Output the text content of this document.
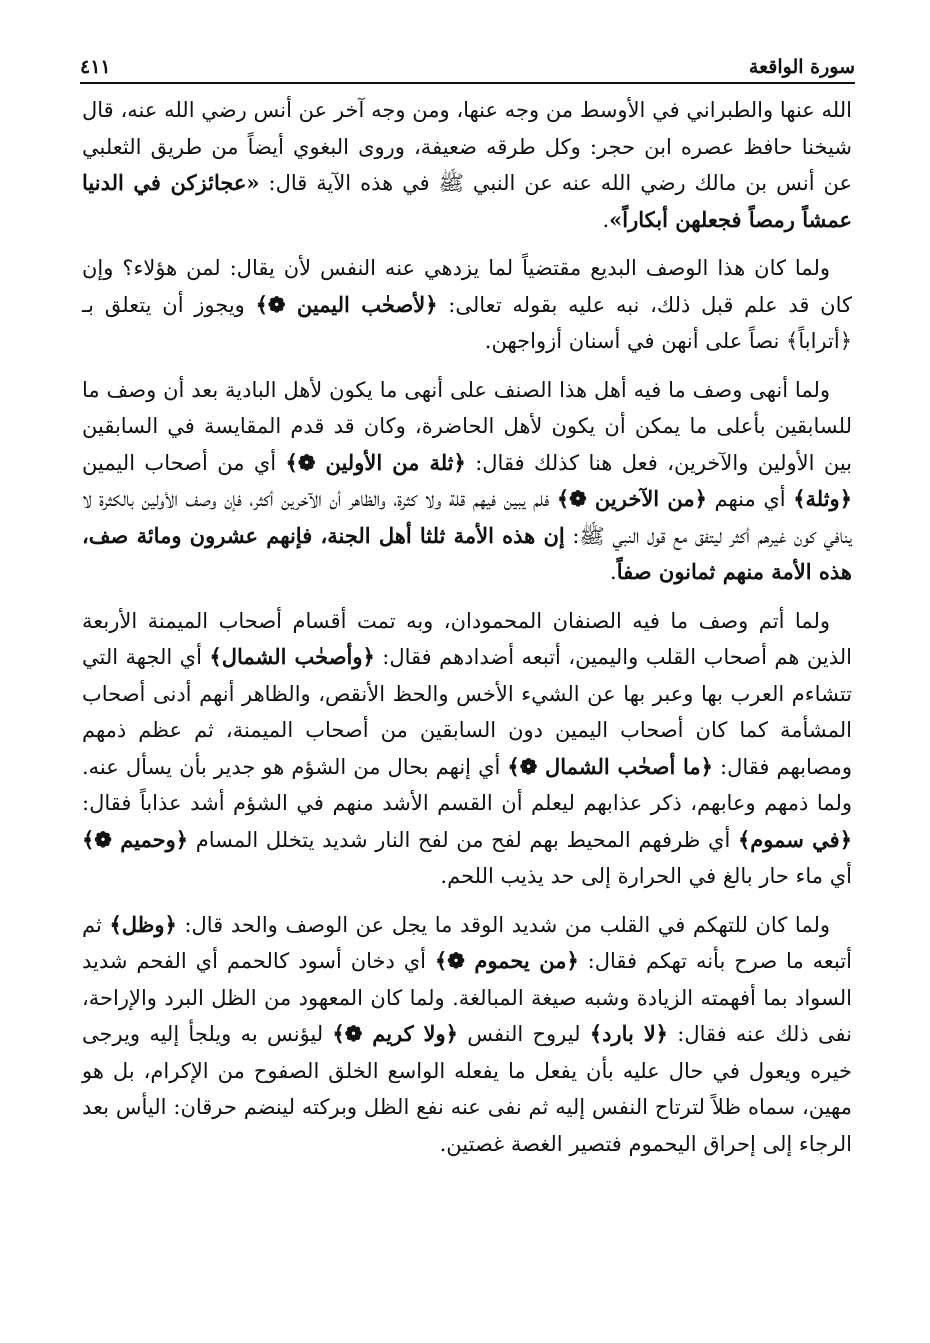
٤١١	سورة الواقعة

الله عنها والطبراني في الأوسط من وجه عنها، ومن وجه آخر عن أنس رضي الله عنه، قال شيخنا حافظ عصره ابن حجر: وكل طرقه ضعيفة، وروى البغوي أيضاً من طريق الثعلبي عن أنس بن مالك رضي الله عنه عن النبي ﷺ في هذه الآية قال: «عجائزكن في الدنيا عمشاً رمصاً فجعلهن أبكاراً».

ولما كان هذا الوصف البديع مقتضياً لما يزدهي عنه النفس لأن يقال: لمن هؤلاء؟ وإن كان قد علم قبل ذلك، نبه عليه بقوله تعالى: ﴿لأصحٰب اليمين ❁﴾ ويجوز أن يتعلق بـ ﴿أتراباً﴾ نصاً على أنهن في أسنان أزواجهن.

ولما أنهى وصف ما فيه أهل هذا الصنف على أنهى ما يكون لأهل البادية بعد أن وصف ما للسابقين بأعلى ما يمكن أن يكون لأهل الحاضرة، وكان قد قدم المقايسة في السابقين بين الأولين والآخرين، فعل هنا كذلك فقال: ﴿ثلة من الأولين ❁﴾ أي من أصحاب اليمين ﴿وثلة﴾ أي منهم ﴿من الآخرين ❁﴾ فلم يبين فيهم قلة ولا كثرة، والظاهر أن الآخرين أكثر، فإن وصف الأولين بالكثرة لا ينافي كون غيرهم أكثر ليتفق مع قول النبي ﷺ: إن هذه الأمة ثلثا أهل الجنة، فإنهم عشرون ومائة صف، هذه الأمة منهم ثمانون صفاً.

ولما أتم وصف ما فيه الصنفان المحمودان، وبه تمت أقسام أصحاب الميمنة الأربعة الذين هم أصحاب القلب واليمين، أتبعه أضدادهم فقال: ﴿وأصحٰب الشمال﴾ أي الجهة التي تتشاءم العرب بها وعبر بها عن الشيء الأخس والحظ الأنقص، والظاهر أنهم أدنى أصحاب المشأمة كما كان أصحاب اليمين دون السابقين من أصحاب الميمنة، ثم عظم ذمهم ومصابهم فقال: ﴿ما أصحٰب الشمال ❁﴾ أي إنهم بحال من الشؤم هو جدير بأن يسأل عنه. ولما ذمهم وعابهم، ذكر عذابهم ليعلم أن القسم الأشد منهم في الشؤم أشد عذاباً فقال: ﴿في سموم﴾ أي ظرفهم المحيط بهم لفح من لفح النار شديد يتخلل المسام ﴿وحميم ❁﴾ أي ماء حار بالغ في الحرارة إلى حد يذيب اللحم.

ولما كان للتهكم في القلب من شديد الوقد ما يجل عن الوصف والحد قال: ﴿وظل﴾ ثم أتبعه ما صرح بأنه تهكم فقال: ﴿من يحموم ❁﴾ أي دخان أسود كالحمم أي الفحم شديد السواد بما أفهمته الزيادة وشبه صيغة المبالغة. ولما كان المعهود من الظل البرد والإراحة، نفى ذلك عنه فقال: ﴿لا بارد﴾ ليروح النفس ﴿ولا كريم ❁﴾ ليؤنس به ويلجأ إليه ويرجى خيره ويعول في حال عليه بأن يفعل ما يفعله الواسع الخلق الصفوح من الإكرام، بل هو مهين، سماه ظلاً لترتاح النفس إليه ثم نفى عنه نفع الظل وبركته لينضم حرقان: اليأس بعد الرجاء إلى إحراق اليحموم فتصير الغصة غصتين.
